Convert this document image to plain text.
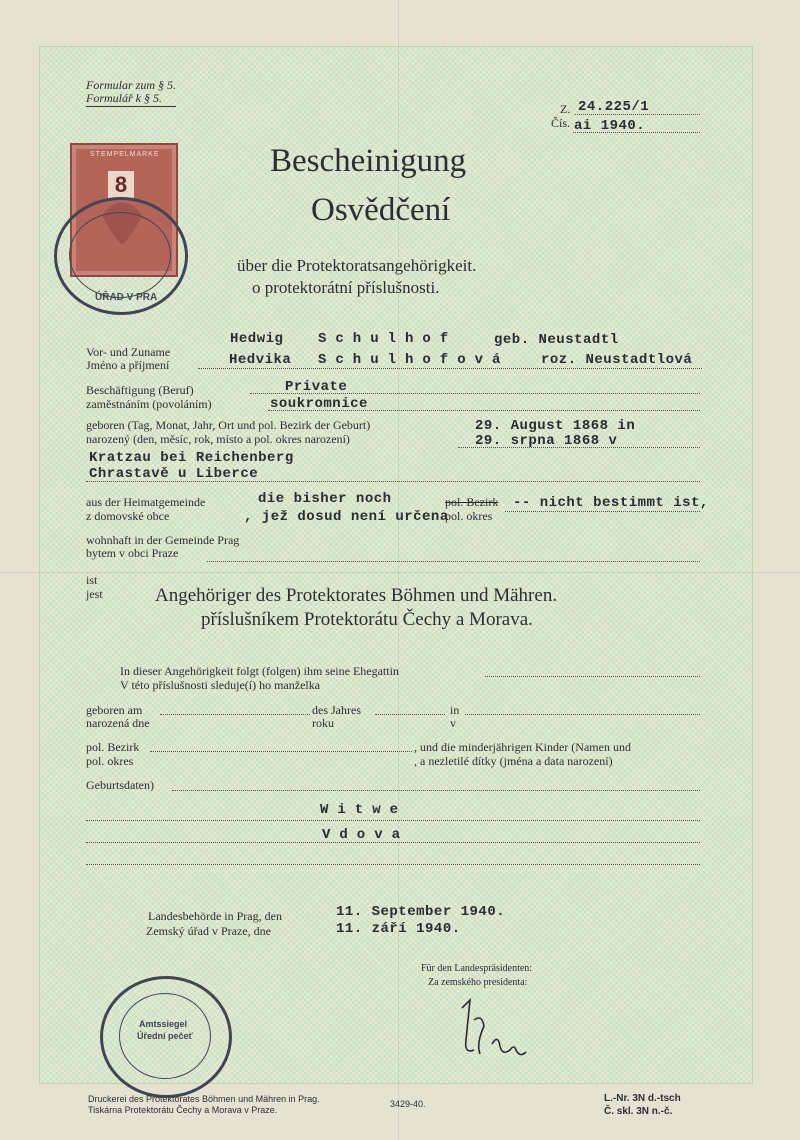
Formular zum § 5.
Formulář k § 5.
Z.
Čís.
24.225/1
ai 1940.
STEMPELMARKE
8
ÚŘAD V PRA
Bescheinigung
Osvědčení
über die Protektoratsangehörigkeit.
o protektorátní příslušnosti.
Vor- und Zuname
Jméno a příjmení
Hedwig Schulhof	geb. Neustadtl
Hedvika Schulhofová roz. Neustadtlová
Beschäftigung (Beruf)
zaměstnáním (povoláním)
Private
soukromnice
geboren (Tag, Monat, Jahr, Ort und pol. Bezirk der Geburt)
narozený (den, měsíc, rok, místo a pol. okres narození)
29. August 1868 in
29. srpna 1868 v
Kratzau bei Reichenberg
Chrastavě u Liberce
aus der Heimatgemeinde
z domovské obce
die bisher noch
, jež dosud není určena
pol. Bezirk
pol. okres
-- nicht bestimmt ist,
wohnhaft in der Gemeinde Prag
bytem v obci Praze
ist
jest	Angehöriger des Protektorates Böhmen und Mähren.
příslušníkem Protektorátu Čechy a Morava.
In dieser Angehörigkeit folgt (folgen) ihm seine Ehegattin
V této příslušnosti sleduje(í) ho manželka
geboren am
narozená dne
des Jahres
roku
in
v
pol. Bezirk
pol. okres
, und die minderjährigen Kinder (Namen und
, a nezletilé dítky (jména a data narození)
Geburtsdaten)
Witwe
Vdova
Landesbehörde in Prag, den
Zemský úřad v Praze, dne
11. September 1940.
11. září 1940.
Für den Landespräsidenten:
Za zemského presidenta:
Amtssiegel
Úřední pečeť
Druckerei des Protektorates Böhmen und Mähren in Prag.
Tiskárna Protektorátu Čechy a Morava v Praze.
3429-40.	L.-Nr. 3N d.-tsch
Č. skl. 3N n.-č.
